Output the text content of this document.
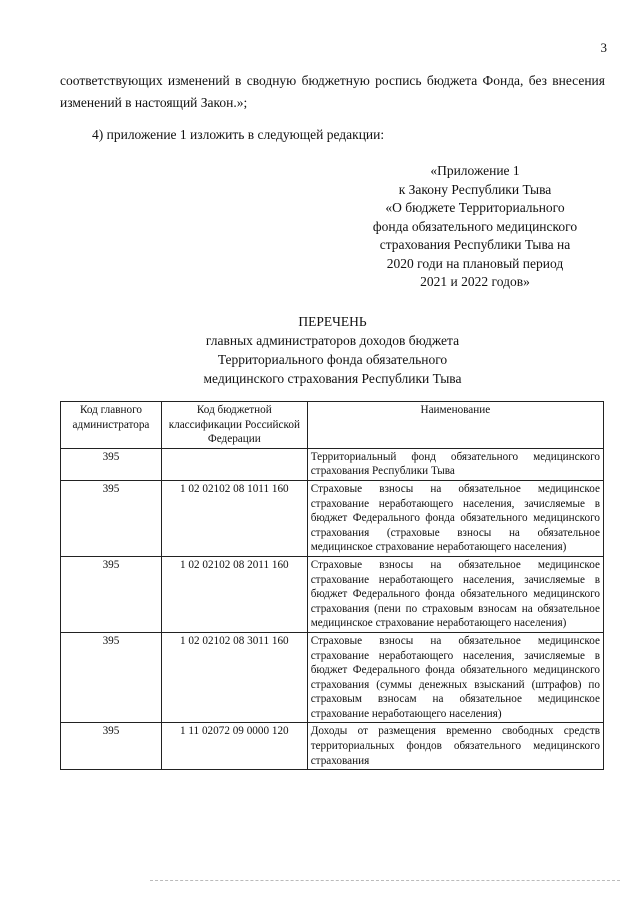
3
соответствующих изменений в сводную бюджетную роспись бюджета Фонда, без внесения изменений в настоящий Закон.»;
4) приложение 1 изложить в следующей редакции:
«Приложение 1
к Закону Республики Тыва
«О бюджете Территориального
фонда обязательного медицинского
страхования Республики Тыва на
2020 годи на плановый период
2021 и 2022 годов»
ПЕРЕЧЕНЬ
главных администраторов доходов бюджета
Территориального фонда обязательного
медицинского страхования Республики Тыва
Код главного администратора	Код бюджетной классификации Российской Федерации	Наименование
395		Территориальный фонд обязательного медицинского страхования Республики Тыва
395	1 02 02102 08 1011 160	Страховые взносы на обязательное медицинское страхование неработающего населения, зачисляемые в бюджет Федерального фонда обязательного медицинского страхования (страховые взносы на обязательное медицинское страхование неработающего населения)
395	1 02 02102 08 2011 160	Страховые взносы на обязательное медицинское страхование неработающего населения, зачисляемые в бюджет Федерального фонда обязательного медицинского страхования (пени по страховым взносам на обязательное медицинское страхование неработающего населения)
395	1 02 02102 08 3011 160	Страховые взносы на обязательное медицинское страхование неработающего населения, зачисляемые в бюджет Федерального фонда обязательного медицинского страхования (суммы денежных взысканий (штрафов) по страховым взносам на обязательное медицинское страхование неработающего населения)
395	1 11 02072 09 0000 120	Доходы от размещения временно свободных средств территориальных фондов обязательного медицинского страхования
